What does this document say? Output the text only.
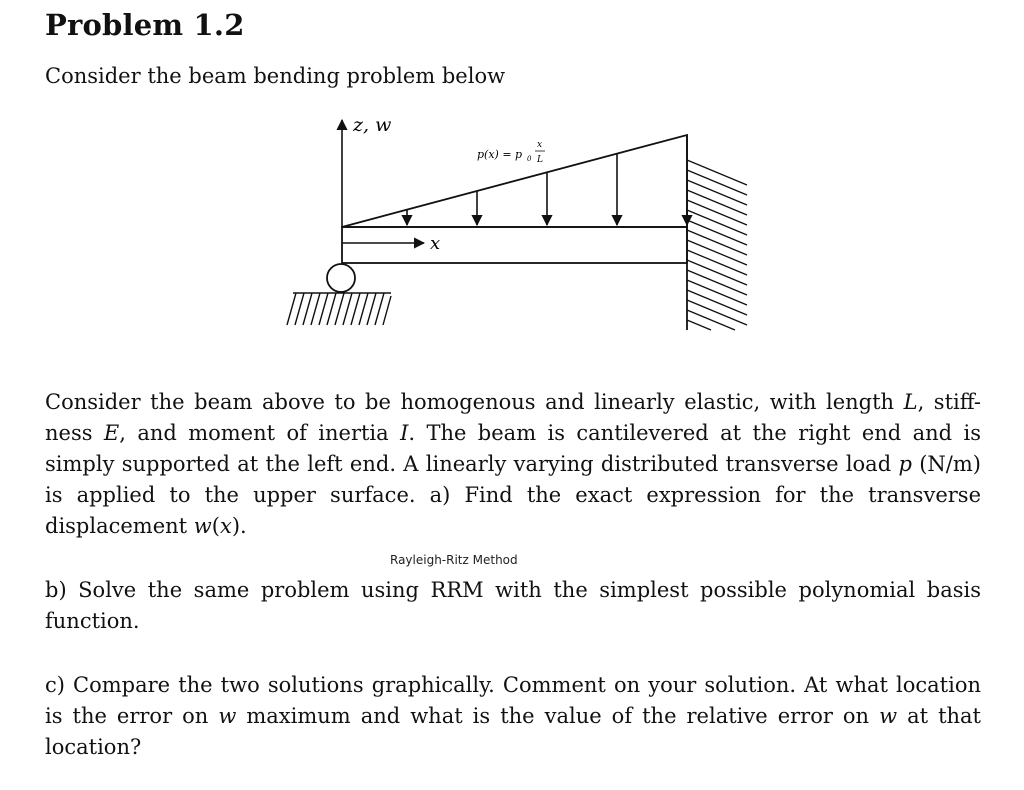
Problem 1.2
Consider the beam bending problem below
z, w
x
p(x) = p 0
x
L
Consider the beam above to be homogenous and linearly elastic, with length L, stiff-ness E, and moment of inertia I. The beam is cantilevered at the right end and is simply supported at the left end. A linearly varying distributed transverse load p (N/m) is applied to the upper surface. a) Find the exact expression for the transverse displacement w(x).
Rayleigh-Ritz Method
b) Solve the same problem using RRM with the simplest possible polynomial basis function.
c) Compare the two solutions graphically. Comment on your solution. At what location is the error on w maximum and what is the value of the relative error on w at that location?
